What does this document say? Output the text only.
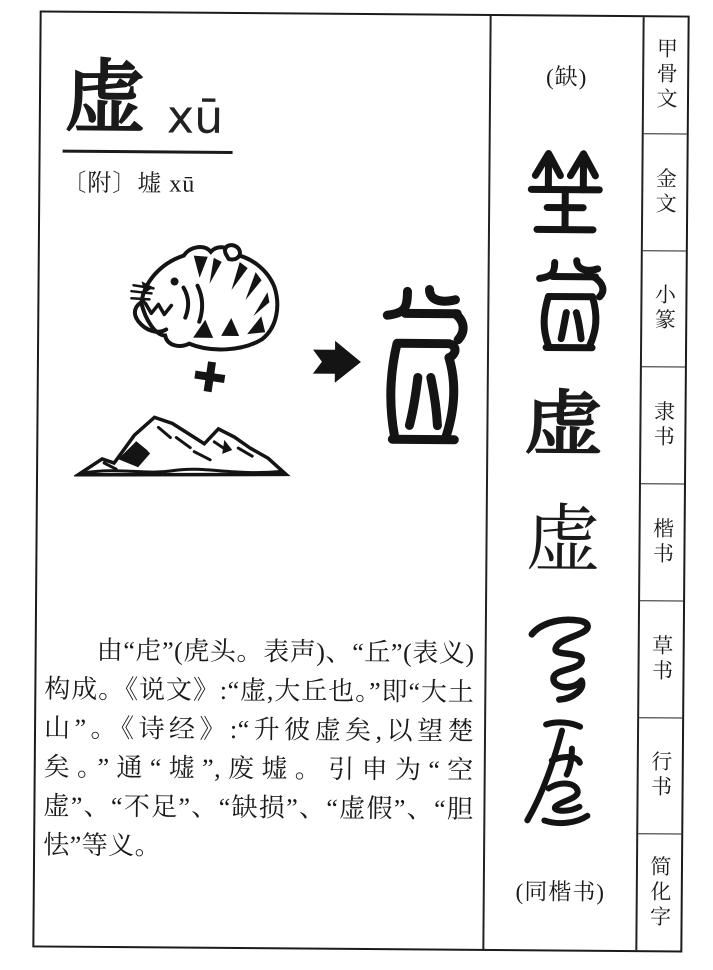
虚 xū
〔附〕墟 xū
由“虍”(虎头。表声)、“丘”(表义)构成。《说文》:“虚,大丘也。”即“大土山”。《诗经》:“升彼虚矣,以望楚矣。”通“墟”,废墟。引申为“空虚”、“不足”、“缺损”、“虚假”、“胆怯”等义。
(缺)
虚
虚
(同楷书)
甲骨文
金文
小篆
隶书
楷书
草书
行书
简化字
